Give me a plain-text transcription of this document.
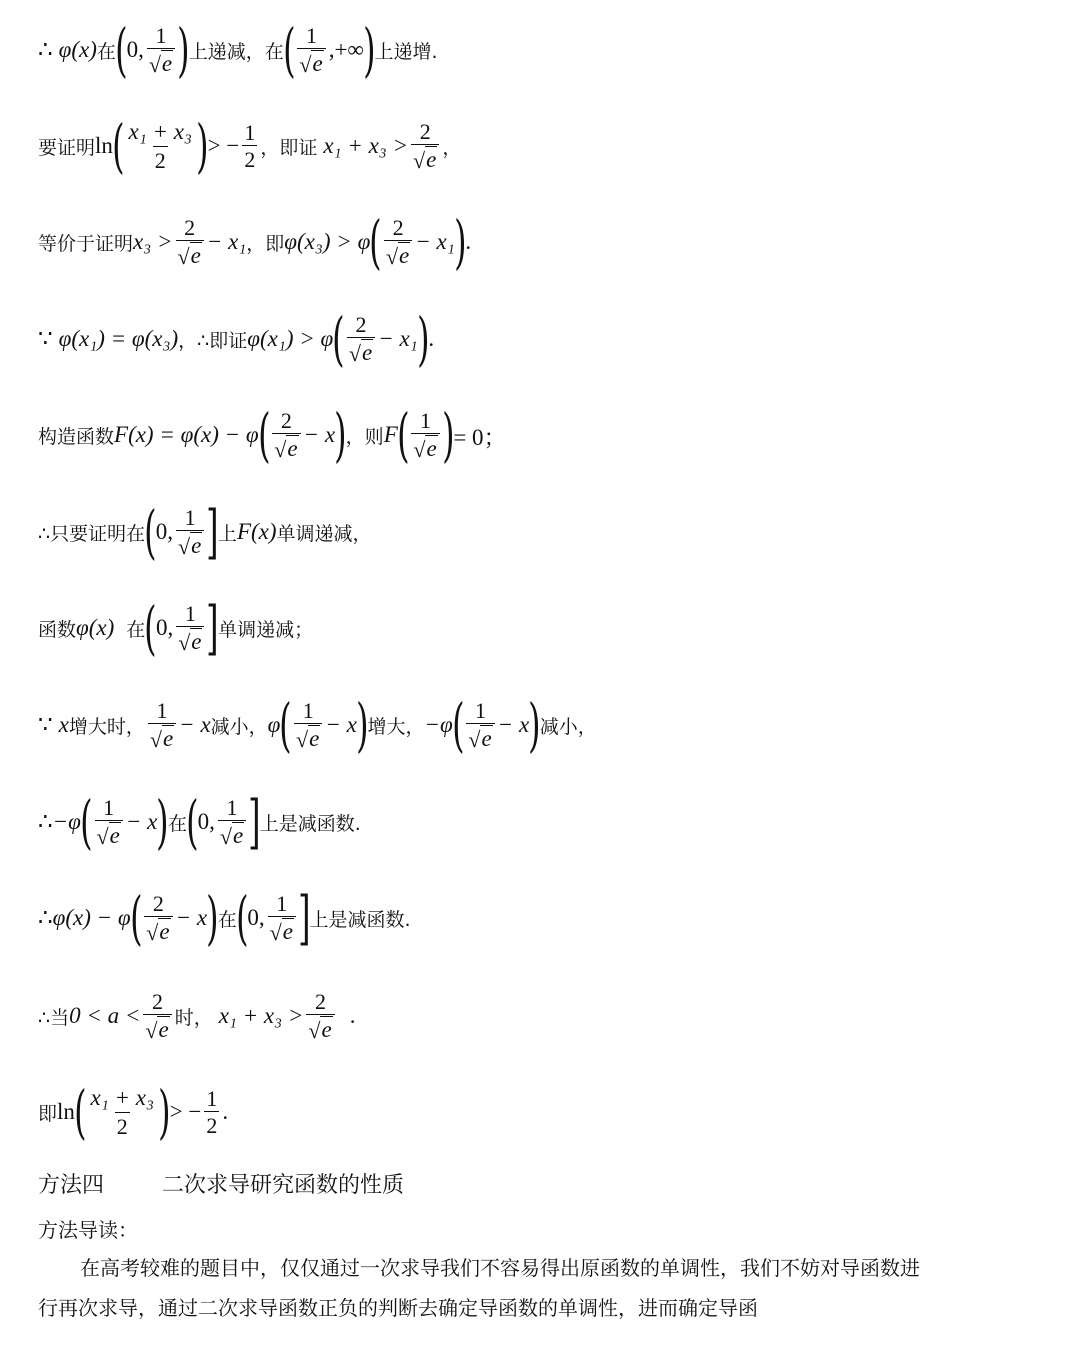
∴ φ(x) 在 ( 0, $\frac{1}{√ e}$ ) 上递减，在 ( $\frac{1}{√ e}$ ,+∞ ) 上递增.
要证明 ln ( $\frac{\text{x₁ + x₃}}{2}$ ) > − $\frac{1}{2}$ ，即证 $x_1 + x_3 > \frac{2}{√ e}$ ，
等价于证明 $x_3 > \frac{2}{√ e} - x_1$ ，即 φ(x₃) > φ ( $\frac{2}{√ e} - x_1$ ) .
∵ φ(x₁) = φ(x₃) ，∴即证 φ(x₁) > φ ( $\frac{2}{√ e} - x_1$ ) .
构造函数 F(x) = φ(x) − φ ( $\frac{2}{√ e} - x$ ) ，则 F ( $\frac{1}{√ e}$ ) = 0；
∴只要证明在 ( 0, $\frac{1}{√ e}$ ] 上 F(x) 单调递减，
函数 φ(x) 在 ( 0, $\frac{1}{√ e}$ ] 单调递减；
∵ x 增大时， $\frac{1}{√ e} - x$ 减小， φ ( $\frac{1}{√ e} - x$ ) 增大， −φ ( $\frac{1}{√ e} - x$ ) 减小，
∴ −φ ( $\frac{1}{√ e} - x$ ) 在 ( 0, $\frac{1}{√ e}$ ] 上是减函数.
∴ φ(x) − φ ( $\frac{2}{√ e} - x$ ) 在 ( 0, $\frac{1}{√ e}$ ] 上是减函数.
∴当 $0 < a < \frac{2}{√ e}$ 时， $x_1 + x_3 > \frac{2}{√ e}$ .
即 ln ( $\frac{\text{x₁ + x₃}}{2}$ ) > − $\frac{1}{2}$ .
方法四	二次求导研究函数的性质
方法导读：
在高考较难的题目中，仅仅通过一次求导我们不容易得出原函数的单调性，我们不妨对导函数进行再次求导，通过二次求导函数正负的判断去确定导函数的单调性，进而确定导函
